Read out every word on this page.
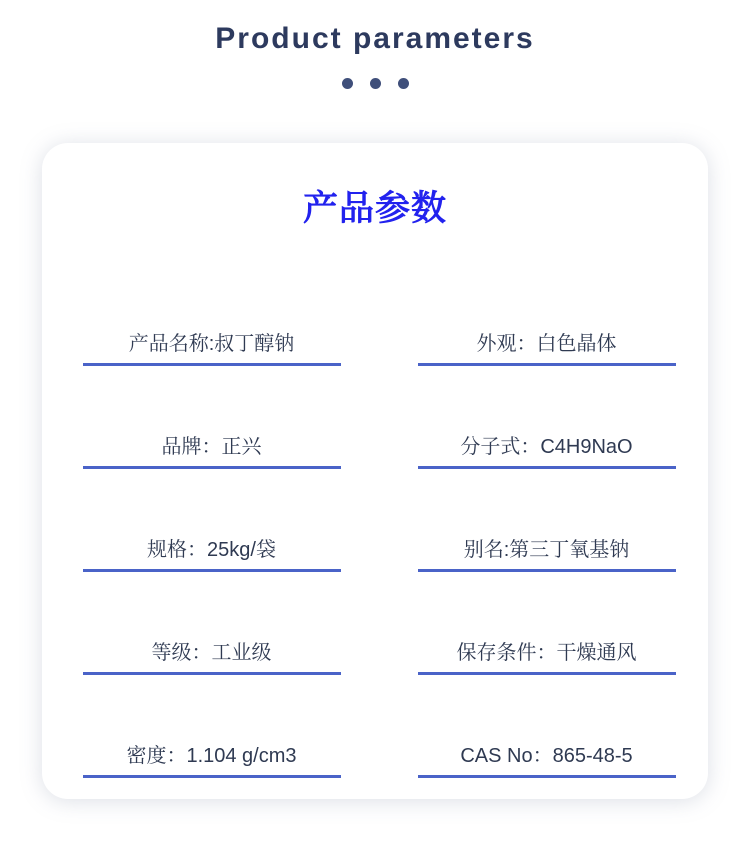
Product parameters
产品参数
产品名称:叔丁醇钠	外观：白色晶体
品牌：正兴	分子式：C4H9NaO
规格：25kg/袋	别名:第三丁氧基钠
等级：工业级	保存条件：干燥通风
密度：1.104 g/cm3	CAS No：865-48-5
